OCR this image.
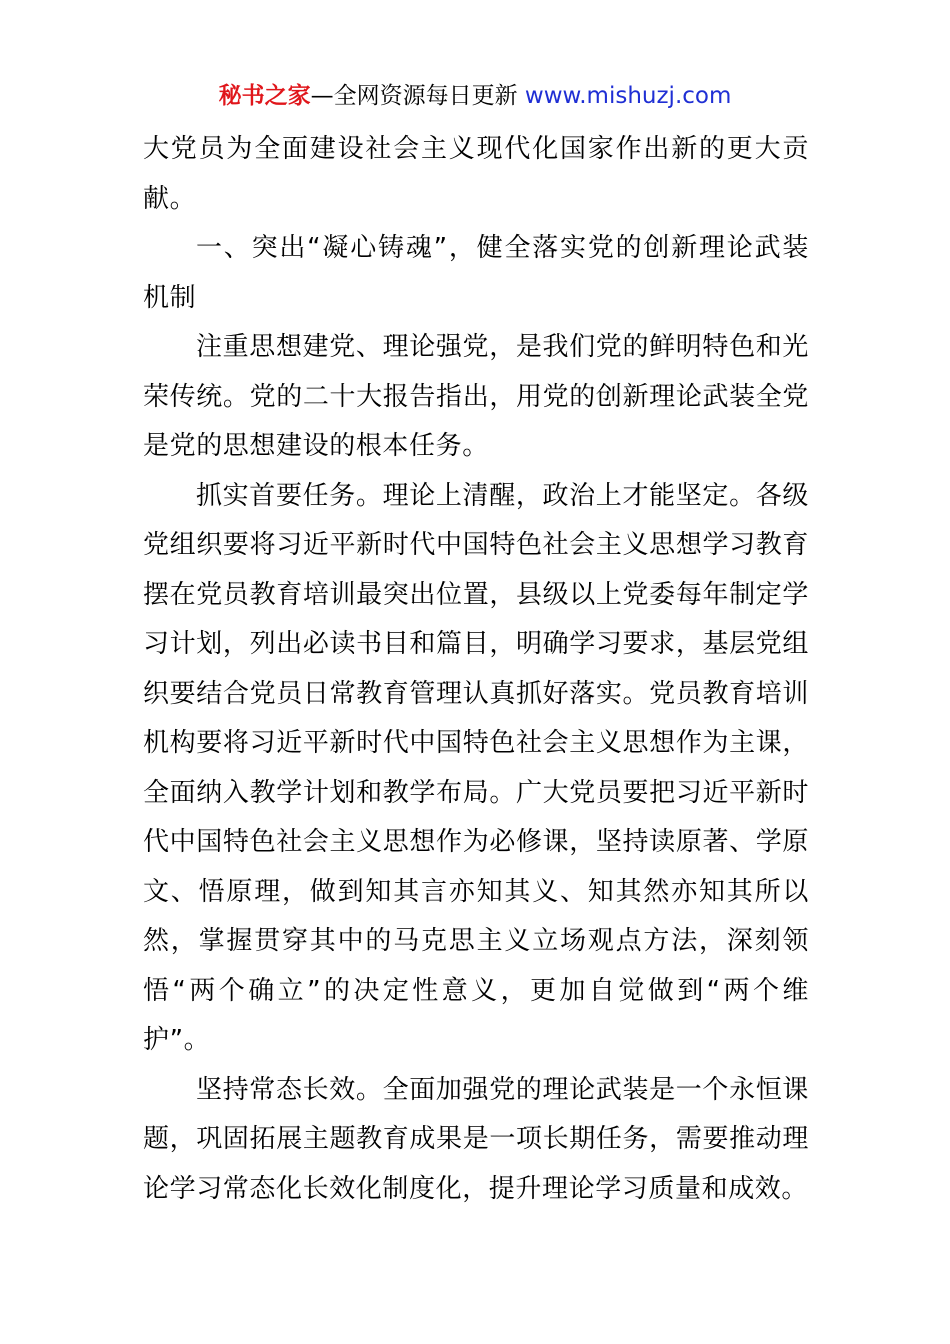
秘书之家—全网资源每日更新 www.mishuzj.com

大党员为全面建设社会主义现代化国家作出新的更大贡献。

一、突出“凝心铸魂”，健全落实党的创新理论武装机制

注重思想建党、理论强党，是我们党的鲜明特色和光荣传统。党的二十大报告指出，用党的创新理论武装全党是党的思想建设的根本任务。

抓实首要任务。理论上清醒，政治上才能坚定。各级党组织要将习近平新时代中国特色社会主义思想学习教育摆在党员教育培训最突出位置，县级以上党委每年制定学习计划，列出必读书目和篇目，明确学习要求，基层党组织要结合党员日常教育管理认真抓好落实。党员教育培训机构要将习近平新时代中国特色社会主义思想作为主课，全面纳入教学计划和教学布局。广大党员要把习近平新时代中国特色社会主义思想作为必修课，坚持读原著、学原文、悟原理，做到知其言亦知其义、知其然亦知其所以然，掌握贯穿其中的马克思主义立场观点方法，深刻领悟“两个确立”的决定性意义，更加自觉做到“两个维护”。

坚持常态长效。全面加强党的理论武装是一个永恒课题，巩固拓展主题教育成果是一项长期任务，需要推动理论学习常态化长效化制度化，提升理论学习质量和成效。
